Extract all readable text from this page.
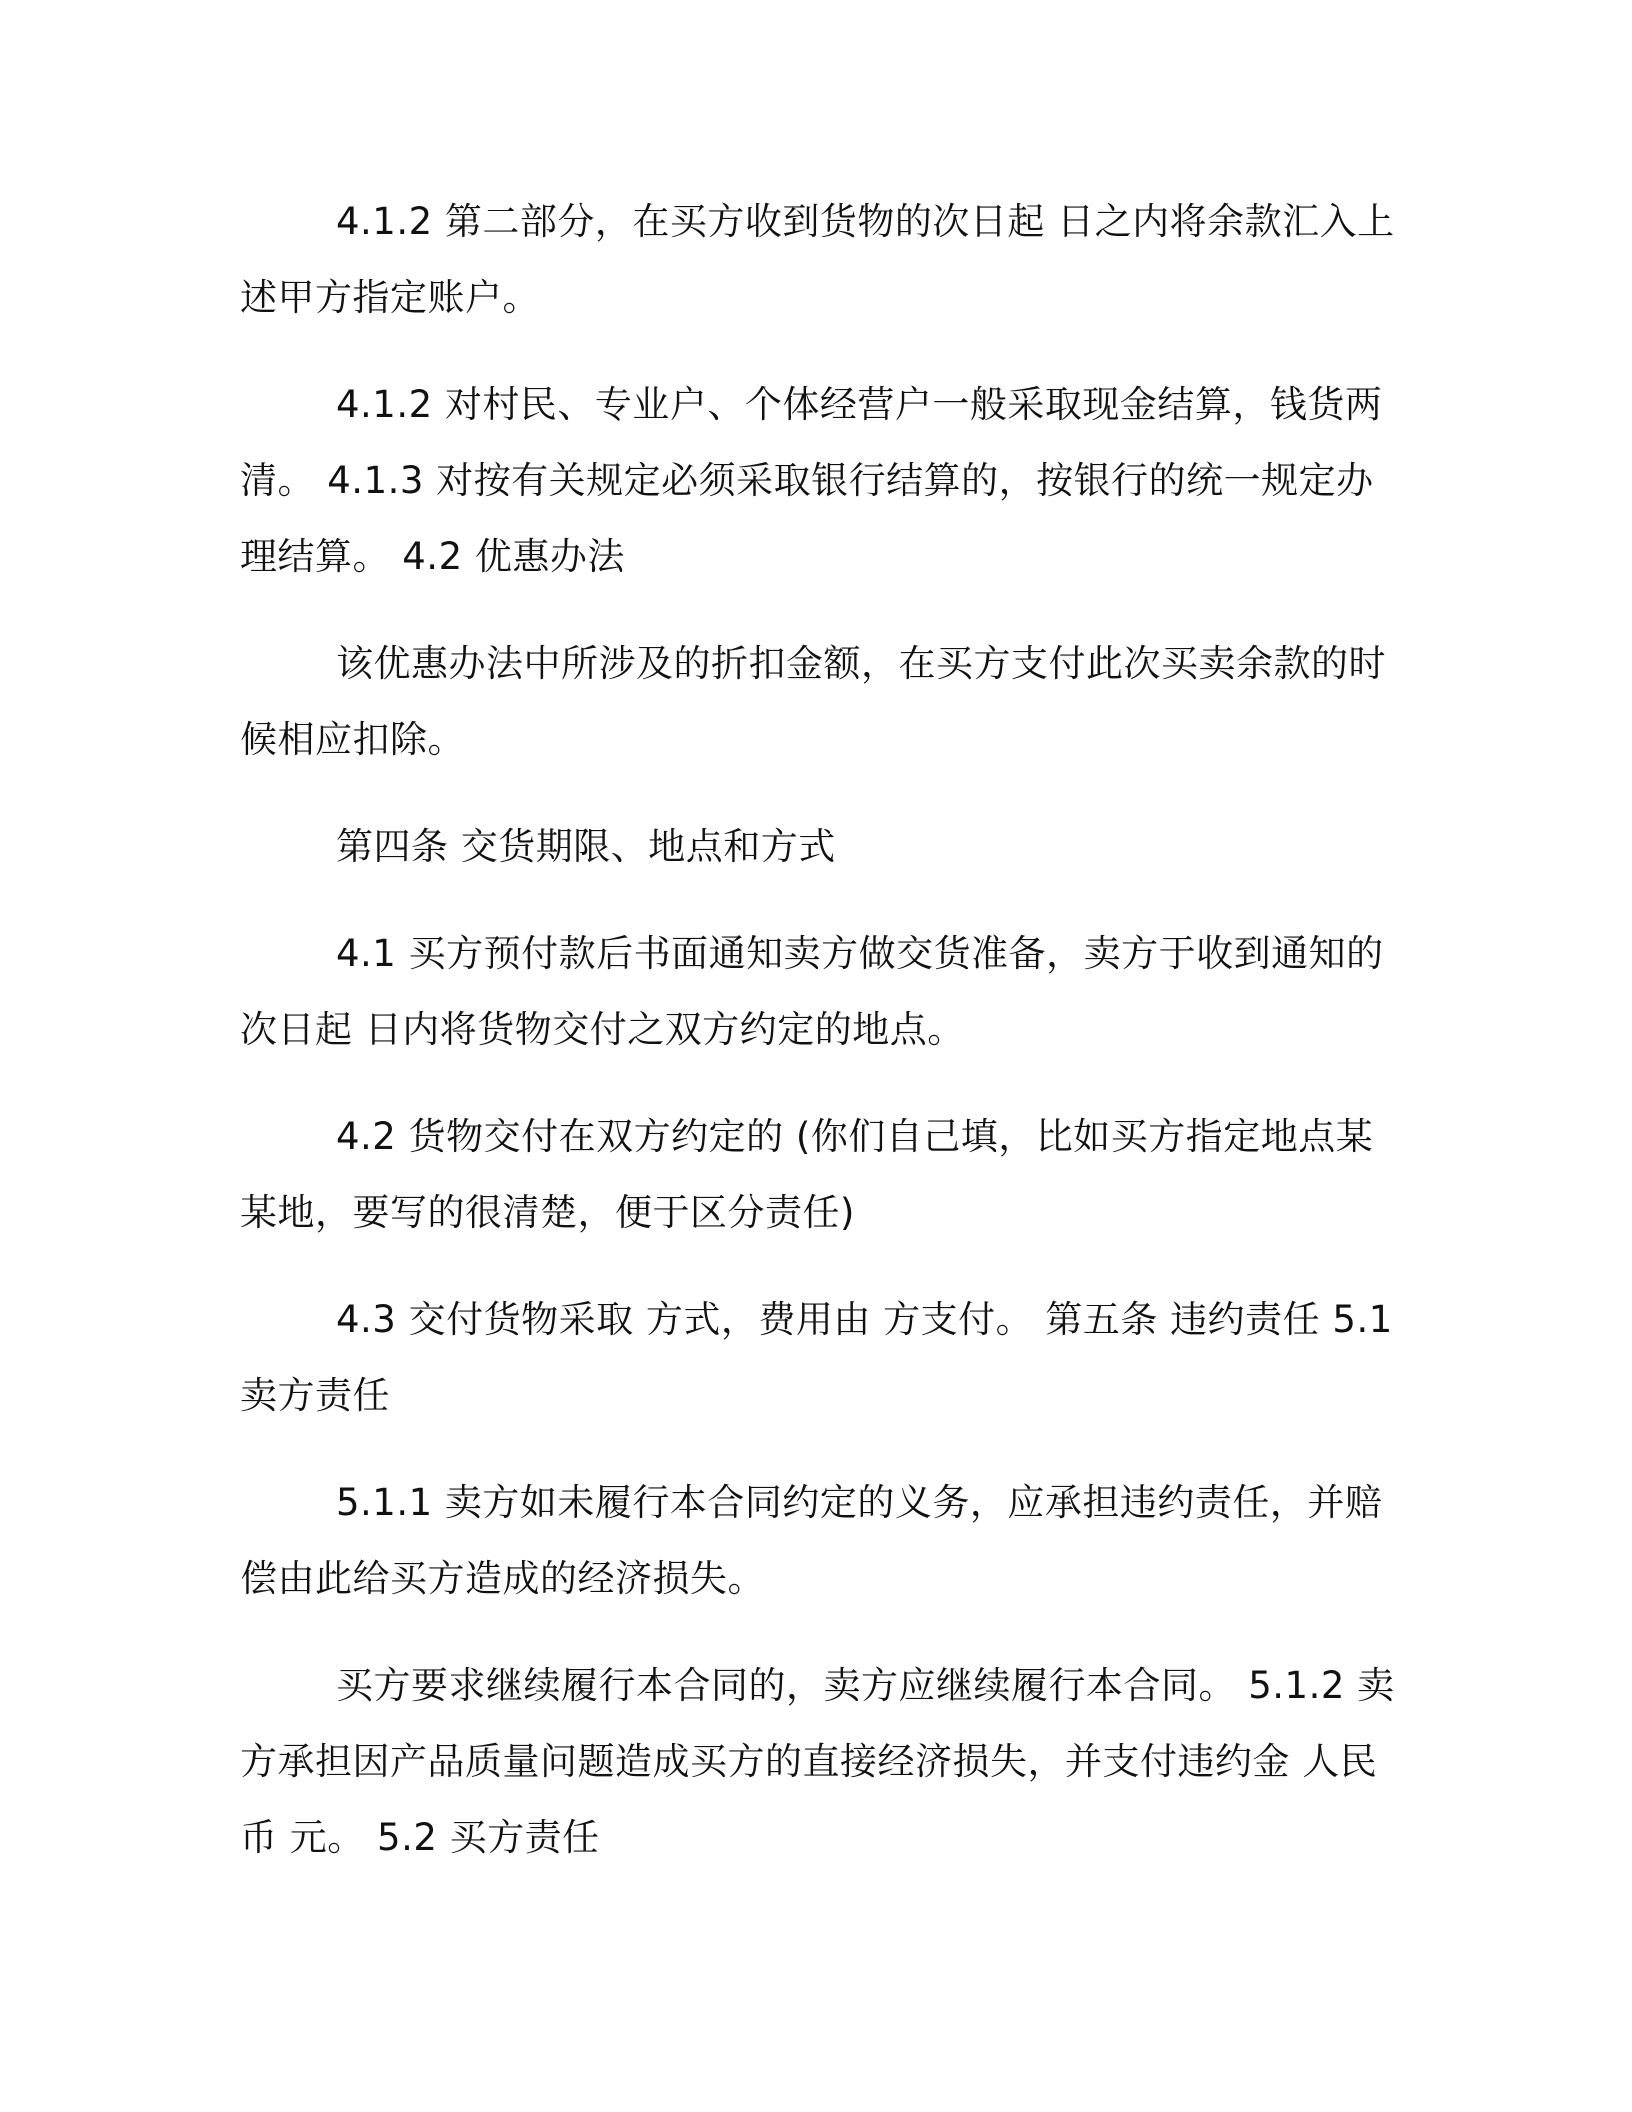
4.1.2 第二部分，在买方收到货物的次日起 日之内将余款汇入上述甲方指定账户。

4.1.2 对村民、专业户、个体经营户一般采取现金结算，钱货两清。 4.1.3 对按有关规定必须采取银行结算的，按银行的统一规定办理结算。 4.2 优惠办法

该优惠办法中所涉及的折扣金额，在买方支付此次买卖余款的时候相应扣除。

第四条 交货期限、地点和方式

4.1 买方预付款后书面通知卖方做交货准备，卖方于收到通知的次日起 日内将货物交付之双方约定的地点。

4.2 货物交付在双方约定的 (你们自己填，比如买方指定地点某某地，要写的很清楚，便于区分责任)

4.3 交付货物采取 方式，费用由 方支付。 第五条 违约责任 5.1 卖方责任

5.1.1 卖方如未履行本合同约定的义务，应承担违约责任，并赔偿由此给买方造成的经济损失。

买方要求继续履行本合同的，卖方应继续履行本合同。 5.1.2 卖方承担因产品质量问题造成买方的直接经济损失，并支付违约金 人民币 元。 5.2 买方责任
